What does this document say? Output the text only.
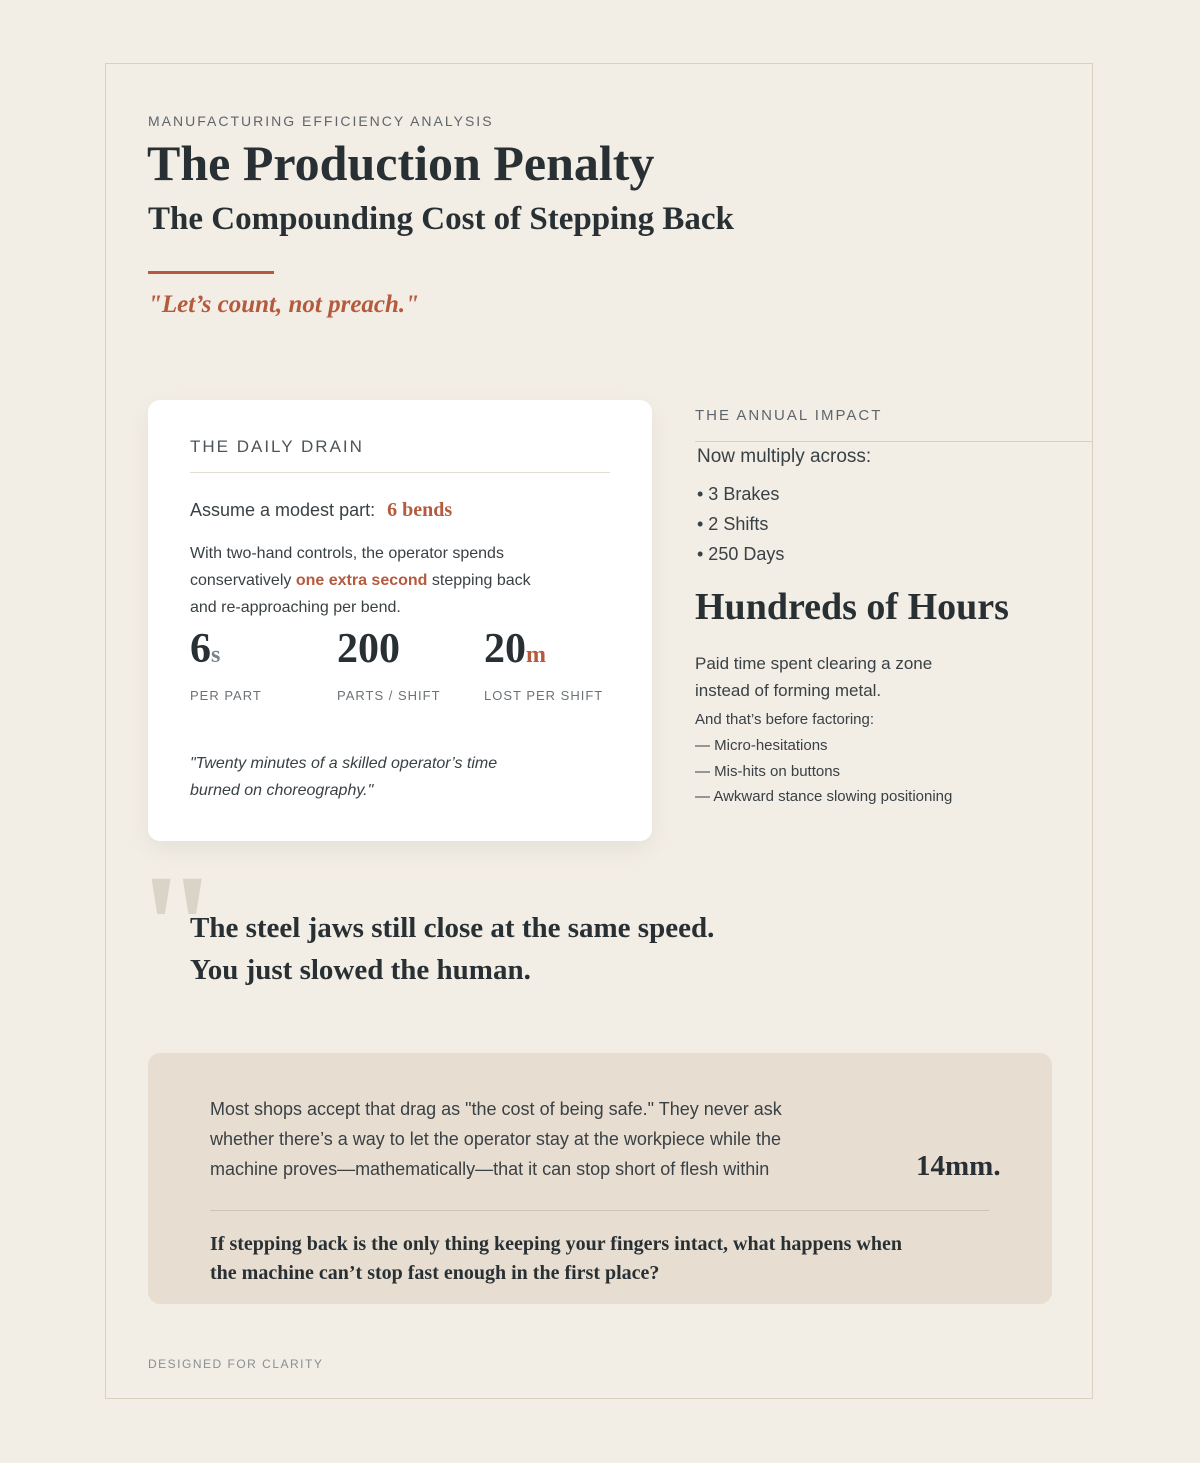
MANUFACTURING EFFICIENCY ANALYSIS
The Production Penalty
The Compounding Cost of Stepping Back
"Let’s count, not preach."
THE DAILY DRAIN
Assume a modest part: 6 bends
With two-hand controls, the operator spends conservatively one extra second stepping back and re-approaching per bend.
6s
PER PART
200
PARTS / SHIFT
20m
LOST PER SHIFT
"Twenty minutes of a skilled operator’s time burned on choreography."
THE ANNUAL IMPACT
Now multiply across:
• 3 Brakes
• 2 Shifts
• 250 Days
Hundreds of Hours
Paid time spent clearing a zone instead of forming metal.
And that’s before factoring:
— Micro-hesitations
— Mis-hits on buttons
— Awkward stance slowing positioning
"
The steel jaws still close at the same speed.
You just slowed the human.
Most shops accept that drag as "the cost of being safe." They never ask whether there’s a way to let the operator stay at the workpiece while the machine proves—mathematically—that it can stop short of flesh within	14mm.
If stepping back is the only thing keeping your fingers intact, what happens when the machine can’t stop fast enough in the first place?
DESIGNED FOR CLARITY
